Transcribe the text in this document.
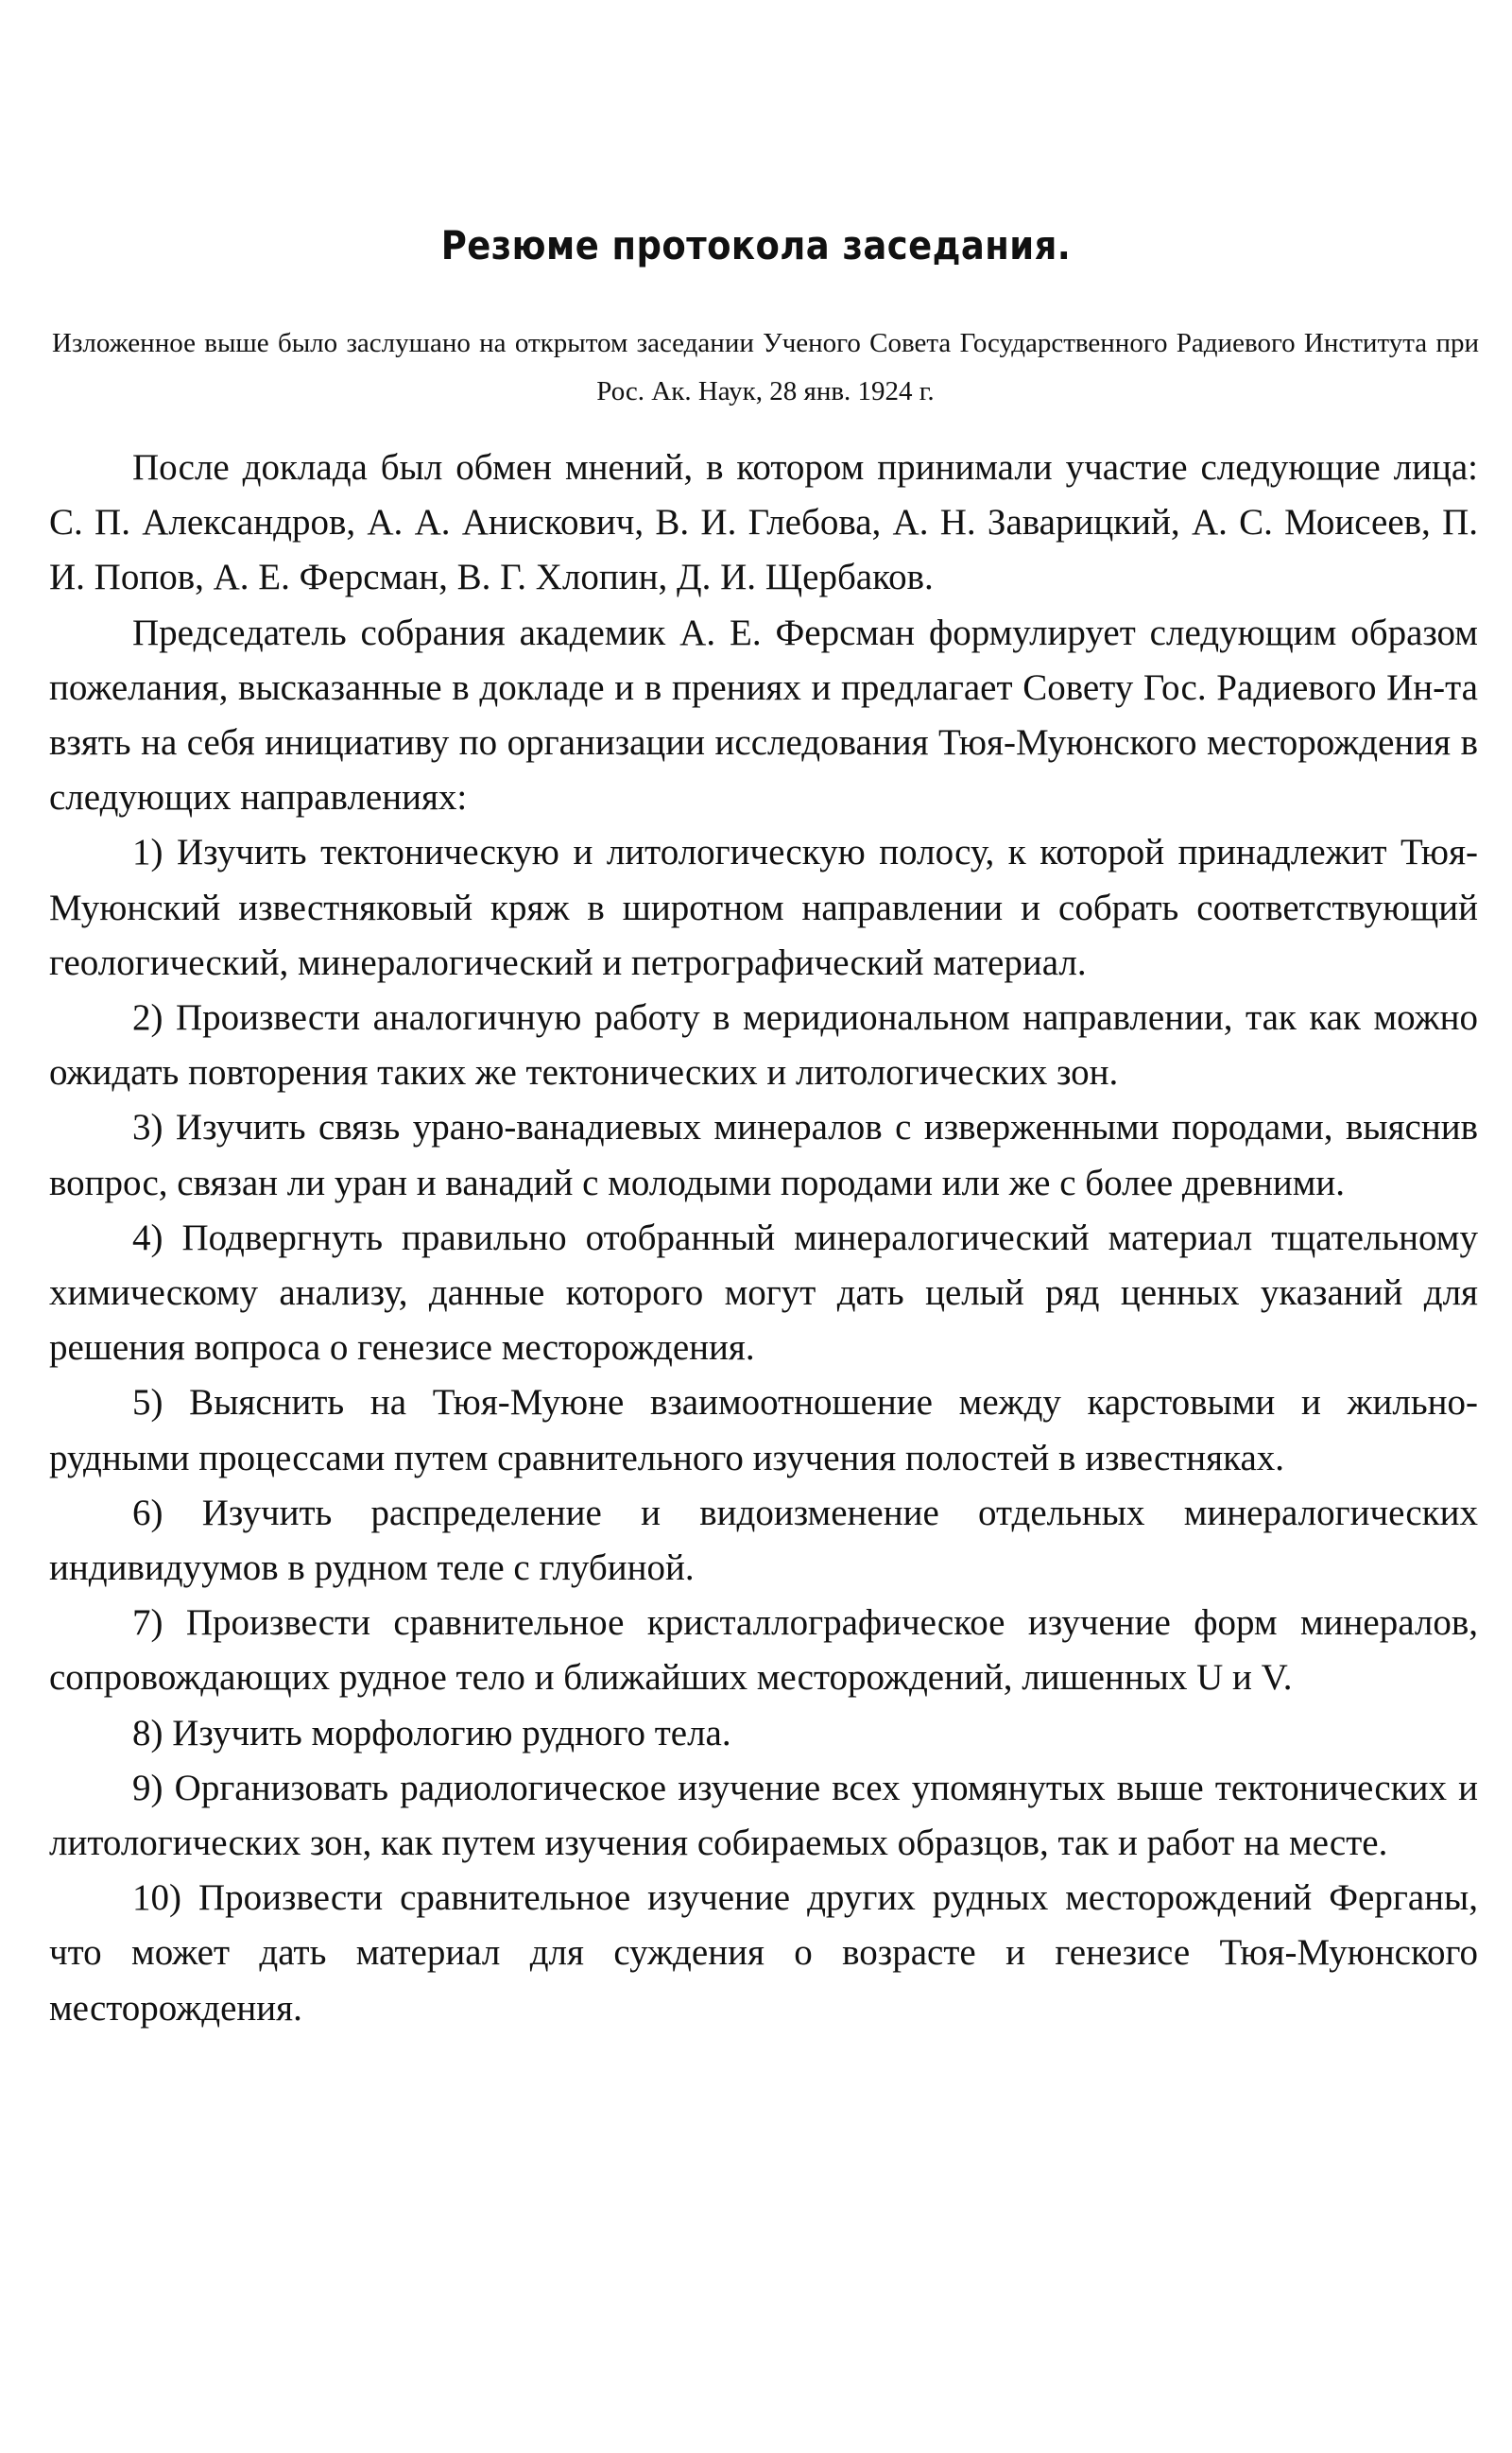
Резюме протокола заседания.
Изложенное выше было заслушано на открытом заседании Ученого Совета Государственного Радиевого Института при Рос. Ак. Наук, 28 янв. 1924 г.

После доклада был обмен мнений, в котором принимали участие следующие лица: С. П. Александров, А. А. Анискович, В. И. Глебова, А. Н. Заварицкий, А. С. Моисеев, П. И. Попов, А. Е. Ферсман, В. Г. Хлопин, Д. И. Щербаков.

Председатель собрания академик А. Е. Ферсман формулирует следующим образом пожелания, высказанные в докладе и в прениях и предлагает Совету Гос. Радиевого Ин-та взять на себя инициативу по организации исследования Тюя-Муюнского месторождения в следующих направлениях:

1) Изучить тектоническую и литологическую полосу, к которой принадлежит Тюя-Муюнский известняковый кряж в широтном направлении и собрать соответствующий геологический, минералогический и петрографический материал.

2) Произвести аналогичную работу в меридиональном направлении, так как можно ожидать повторения таких же тектонических и литологических зон.

3) Изучить связь урано-ванадиевых минералов с изверженными породами, выяснив вопрос, связан ли уран и ванадий с молодыми породами или же с более древними.

4) Подвергнуть правильно отобранный минералогический материал тщательному химическому анализу, данные которого могут дать целый ряд ценных указаний для решения вопроса о генезисе месторождения.

5) Выяснить на Тюя-Муюне взаимоотношение между карстовыми и жильно-рудными процессами путем сравнительного изучения полостей в известняках.

6) Изучить распределение и видоизменение отдельных минералогических индивидуумов в рудном теле с глубиной.

7) Произвести сравнительное кристаллографическое изучение форм минералов, сопровождающих рудное тело и ближайших месторождений, лишенных U и V.

8) Изучить морфологию рудного тела.

9) Организовать радиологическое изучение всех упомянутых выше тектонических и литологических зон, как путем изучения собираемых образцов, так и работ на месте.

10) Произвести сравнительное изучение других рудных месторождений Ферганы, что может дать материал для суждения о возрасте и генезисе Тюя-Муюнского месторождения.
